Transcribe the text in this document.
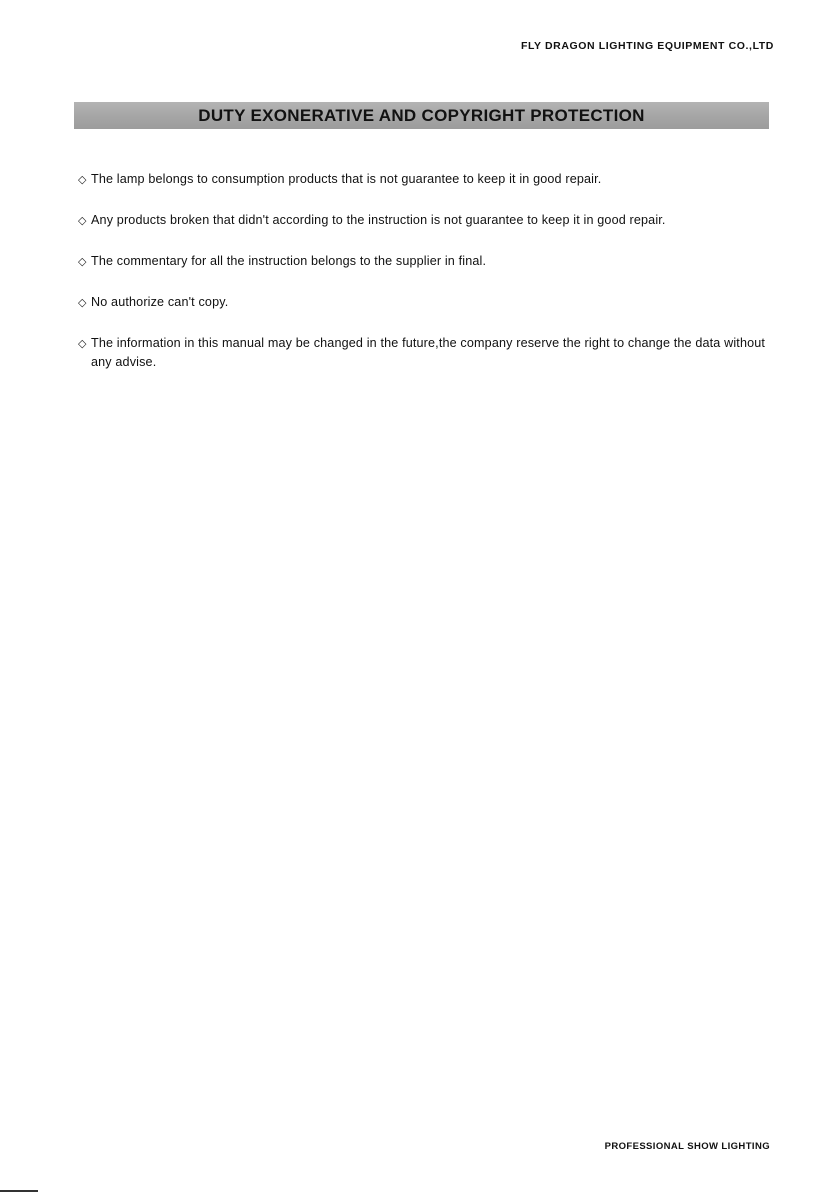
FLY DRAGON LIGHTING EQUIPMENT CO.,LTD
DUTY EXONERATIVE AND COPYRIGHT PROTECTION
◇ The lamp belongs to consumption products that is not guarantee to keep it in good repair.
◇ Any products broken that didn't according to the instruction is not guarantee to keep it in good repair.
◇ The commentary for all the instruction belongs to the supplier in final.
◇ No authorize can't copy.
◇ The information in this manual may be changed in the future,the company reserve the right to change the data without any advise.
PROFESSIONAL SHOW LIGHTING
